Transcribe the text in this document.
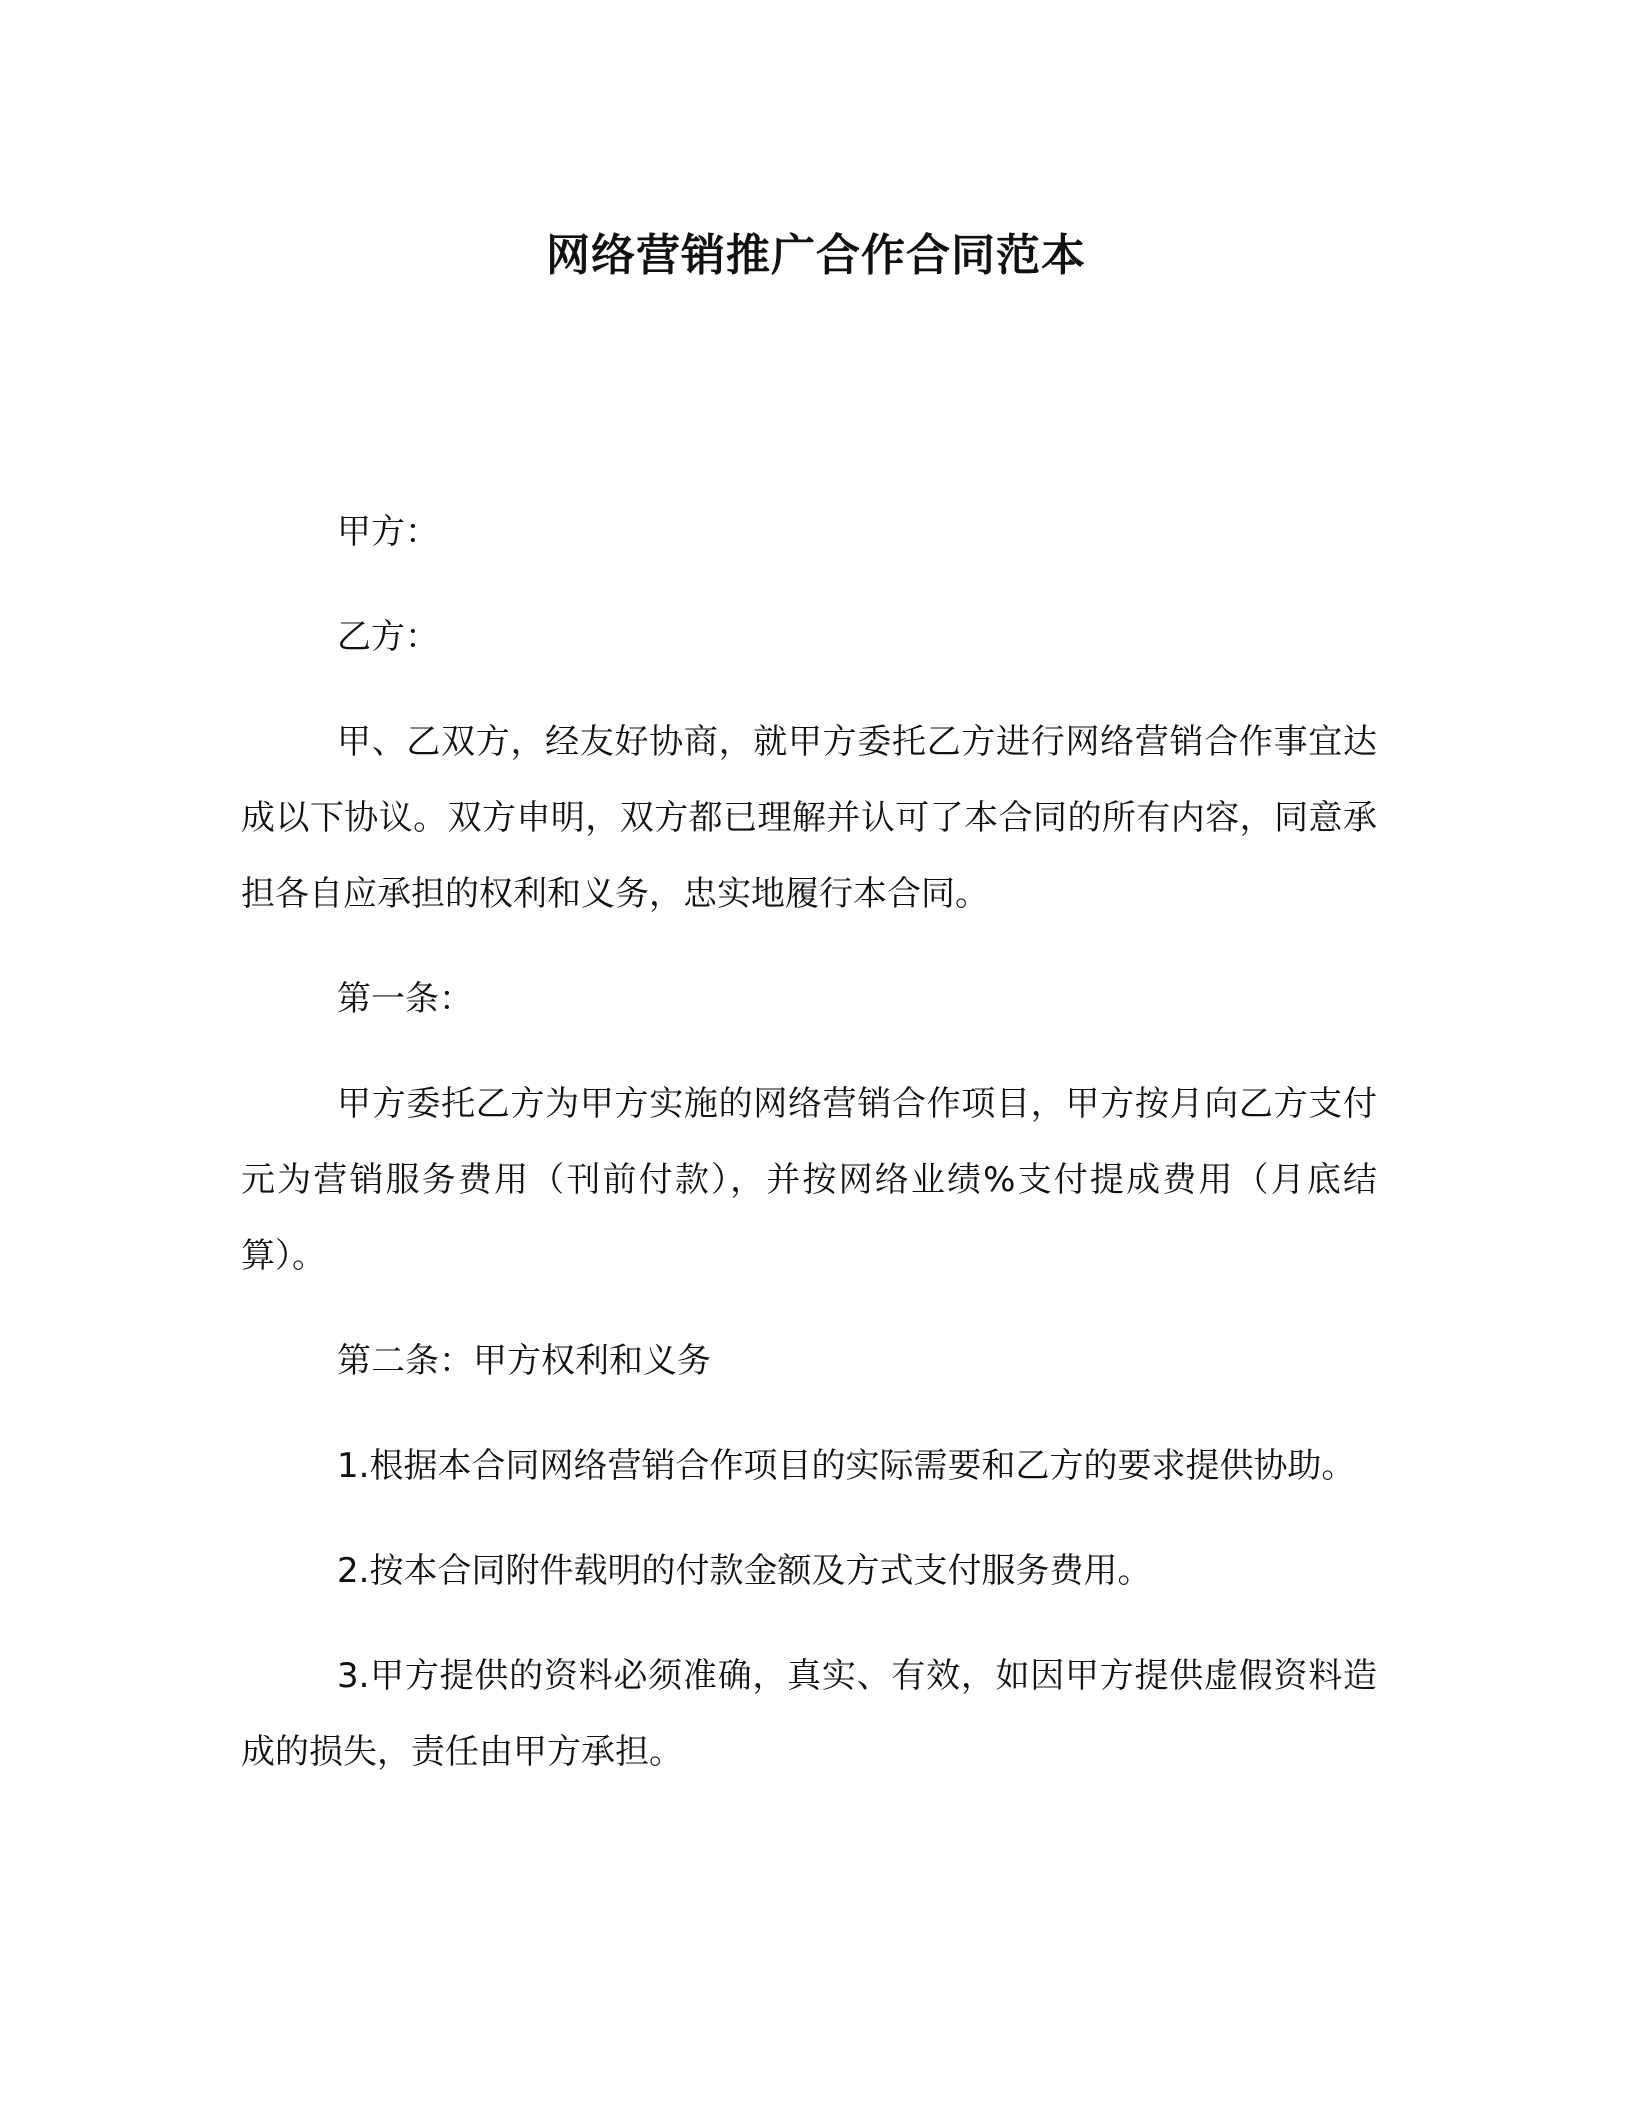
网络营销推广合作合同范本

甲方：

乙方：

甲、乙双方，经友好协商，就甲方委托乙方进行网络营销合作事宜达成以下协议。双方申明，双方都已理解并认可了本合同的所有内容，同意承担各自应承担的权利和义务，忠实地履行本合同。

第一条：

甲方委托乙方为甲方实施的网络营销合作项目，甲方按月向乙方支付元为营销服务费用（刊前付款），并按网络业绩%支付提成费用（月底结算）。

第二条：甲方权利和义务

1.根据本合同网络营销合作项目的实际需要和乙方的要求提供协助。

2.按本合同附件载明的付款金额及方式支付服务费用。

3.甲方提供的资料必须准确，真实、有效，如因甲方提供虚假资料造成的损失，责任由甲方承担。
